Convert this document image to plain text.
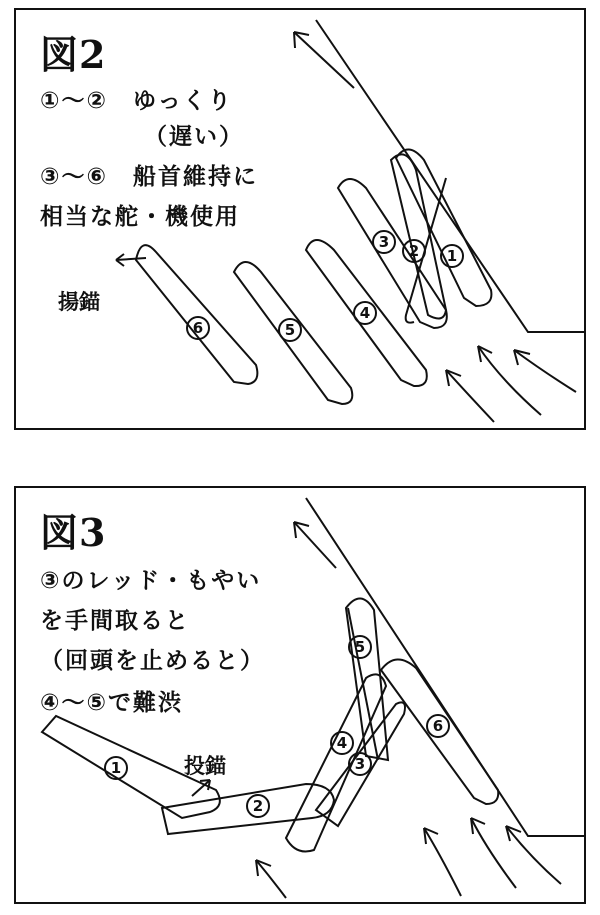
6	5
4
3 2 1
図2
①～②　ゆっくり
（遅い）
③～⑥　船首維持に
相当な舵・機使用
揚錨
1
2
3
4
5
6
図3
③のレッド・もやい
を手間取ると
（回頭を止めると）
④～⑤で難渋
投錨
